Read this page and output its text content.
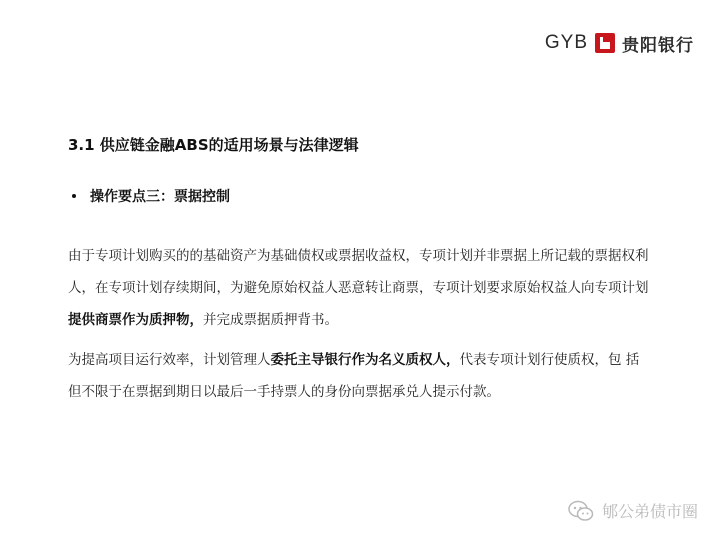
GYB 贵阳银行
3.1 供应链金融ABS的适用场景与法律逻辑
操作要点三：票据控制
由于专项计划购买的的基础资产为基础债权或票据收益权，专项计划并非票据上所记载的票据权利
人，在专项计划存续期间，为避免原始权益人恶意转让商票，专项计划要求原始权益人向专项计划
提供商票作为质押物，并完成票据质押背书。
为提高项目运行效率，计划管理人委托主导银行作为名义质权人，代表专项计划行使质权，包 括
但不限于在票据到期日以最后一手持票人的身份向票据承兑人提示付款。
郇公弟债市圈
